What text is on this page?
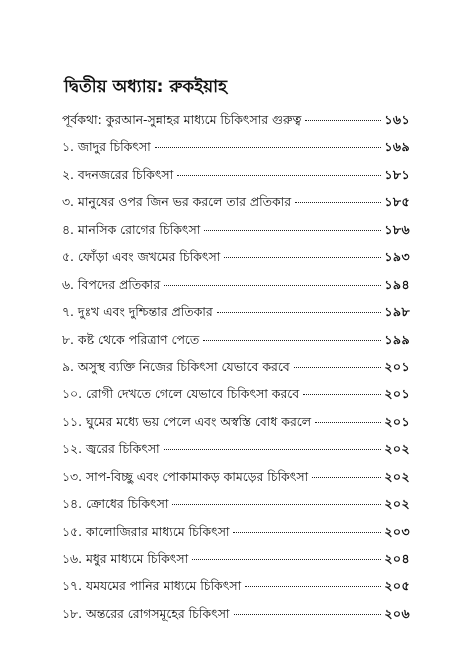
দ্বিতীয় অধ্যায়: রুকইয়াহ
পূর্বকথা: কুরআন-সুন্নাহর মাধ্যমে চিকিৎসার গুরুত্ব	১৬১
১. জাদুর চিকিৎসা	১৬৯
২. বদনজরের চিকিৎসা	১৮১
৩. মানুষের ওপর জিন ভর করলে তার প্রতিকার	১৮৫
৪. মানসিক রোগের চিকিৎসা	১৮৬
৫. ফোঁড়া এবং জখমের চিকিৎসা	১৯৩
৬. বিপদের প্রতিকার	১৯৪
৭. দুঃখ এবং দুশ্চিন্তার প্রতিকার	১৯৮
৮. কষ্ট থেকে পরিত্রাণ পেতে	১৯৯
৯. অসুস্থ ব্যক্তি নিজের চিকিৎসা যেভাবে করবে	২০১
১০. রোগী দেখতে গেলে যেভাবে চিকিৎসা করবে	২০১
১১. ঘুমের মধ্যে ভয় পেলে এবং অস্বস্তি বোধ করলে	২০১
১২. জ্বরের চিকিৎসা	২০২
১৩. সাপ-বিচ্ছু এবং পোকামাকড় কামড়ের চিকিৎসা	২০২
১৪. ক্রোধের চিকিৎসা	২০২
১৫. কালোজিরার মাধ্যমে চিকিৎসা	২০৩
১৬. মধুর মাধ্যমে চিকিৎসা	২০৪
১৭. যমযমের পানির মাধ্যমে চিকিৎসা	২০৫
১৮. অন্তরের রোগসমূহের চিকিৎসা	২০৬
